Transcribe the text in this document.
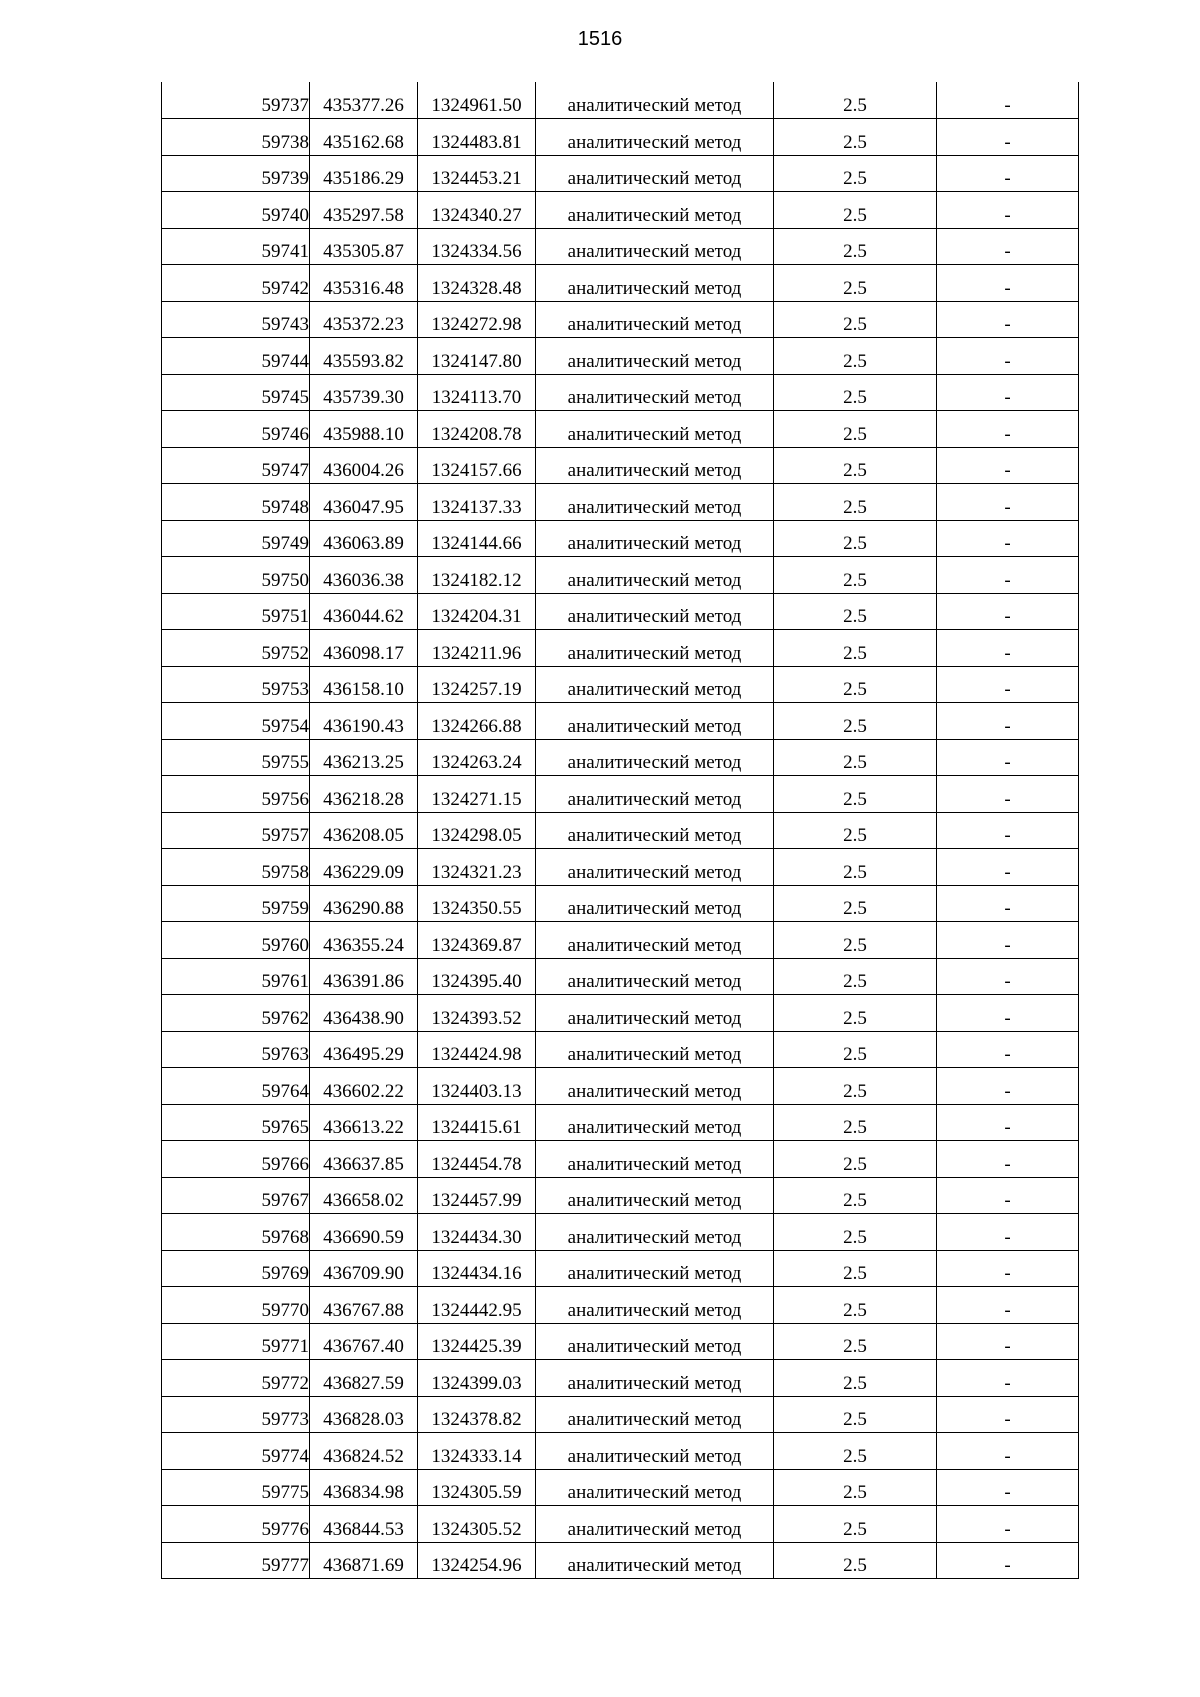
1516
59737	435377.26	1324961.50	аналитический метод	2.5	-
59738	435162.68	1324483.81	аналитический метод	2.5	-
59739	435186.29	1324453.21	аналитический метод	2.5	-
59740	435297.58	1324340.27	аналитический метод	2.5	-
59741	435305.87	1324334.56	аналитический метод	2.5	-
59742	435316.48	1324328.48	аналитический метод	2.5	-
59743	435372.23	1324272.98	аналитический метод	2.5	-
59744	435593.82	1324147.80	аналитический метод	2.5	-
59745	435739.30	1324113.70	аналитический метод	2.5	-
59746	435988.10	1324208.78	аналитический метод	2.5	-
59747	436004.26	1324157.66	аналитический метод	2.5	-
59748	436047.95	1324137.33	аналитический метод	2.5	-
59749	436063.89	1324144.66	аналитический метод	2.5	-
59750	436036.38	1324182.12	аналитический метод	2.5	-
59751	436044.62	1324204.31	аналитический метод	2.5	-
59752	436098.17	1324211.96	аналитический метод	2.5	-
59753	436158.10	1324257.19	аналитический метод	2.5	-
59754	436190.43	1324266.88	аналитический метод	2.5	-
59755	436213.25	1324263.24	аналитический метод	2.5	-
59756	436218.28	1324271.15	аналитический метод	2.5	-
59757	436208.05	1324298.05	аналитический метод	2.5	-
59758	436229.09	1324321.23	аналитический метод	2.5	-
59759	436290.88	1324350.55	аналитический метод	2.5	-
59760	436355.24	1324369.87	аналитический метод	2.5	-
59761	436391.86	1324395.40	аналитический метод	2.5	-
59762	436438.90	1324393.52	аналитический метод	2.5	-
59763	436495.29	1324424.98	аналитический метод	2.5	-
59764	436602.22	1324403.13	аналитический метод	2.5	-
59765	436613.22	1324415.61	аналитический метод	2.5	-
59766	436637.85	1324454.78	аналитический метод	2.5	-
59767	436658.02	1324457.99	аналитический метод	2.5	-
59768	436690.59	1324434.30	аналитический метод	2.5	-
59769	436709.90	1324434.16	аналитический метод	2.5	-
59770	436767.88	1324442.95	аналитический метод	2.5	-
59771	436767.40	1324425.39	аналитический метод	2.5	-
59772	436827.59	1324399.03	аналитический метод	2.5	-
59773	436828.03	1324378.82	аналитический метод	2.5	-
59774	436824.52	1324333.14	аналитический метод	2.5	-
59775	436834.98	1324305.59	аналитический метод	2.5	-
59776	436844.53	1324305.52	аналитический метод	2.5	-
59777	436871.69	1324254.96	аналитический метод	2.5	-
